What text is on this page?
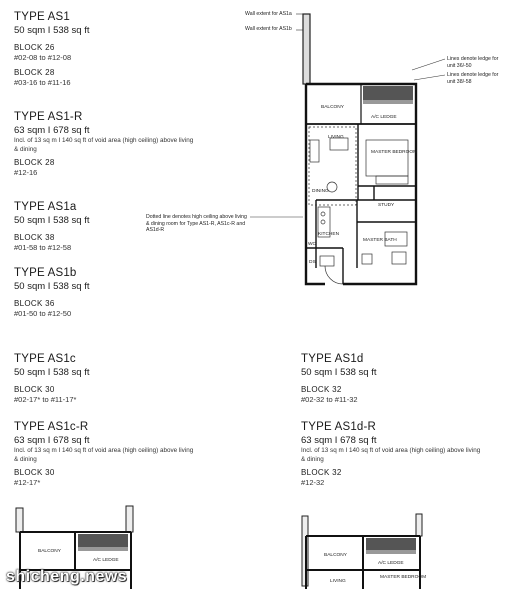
TYPE AS1

50 sqm I 538 sq ft

BLOCK 26

#02-08 to #12-08

BLOCK 28

#03-16 to #11-16

TYPE AS1-R

63 sqm I 678 sq ft

Incl. of 13 sq m I 140 sq ft of void area (high ceiling) above living & dining

BLOCK 28

#12-16

TYPE AS1a

50 sqm I 538 sq ft

BLOCK 38

#01-58 to #12-58

TYPE AS1b

50 sqm I 538 sq ft

BLOCK 36

#01-50 to #12-50

TYPE AS1c

50 sqm I 538 sq ft

BLOCK 30

#02-17* to #11-17*

TYPE AS1c-R

63 sqm I 678 sq ft

Incl. of 13 sq m I 140 sq ft of void area (high ceiling) above living & dining

BLOCK 30

#12-17*

TYPE AS1d

50 sqm I 538 sq ft

BLOCK 32

#02-32 to #11-32

TYPE AS1d-R

63 sqm I 678 sq ft

Incl. of 13 sq m I 140 sq ft of void area (high ceiling) above living & dining

BLOCK 32

#12-32

Wall extent for AS1a
Wall extent for AS1b
Lines denote ledge for unit 36/-50
Lines denote ledge for unit 38/-58
Dotted line denotes high ceiling above living & dining room for Type AS1-R, AS1c-R and AS1d-R
BALCONY
A/C LEDGE
LIVING
MASTER BEDROOM
DINING
STUDY
KITCHEN
MASTER BATH
WC
DS
BALCONY
A/C LEDGE
BALCONY
A/C LEDGE
LIVING
MASTER BEDROOM
shicheng.news
